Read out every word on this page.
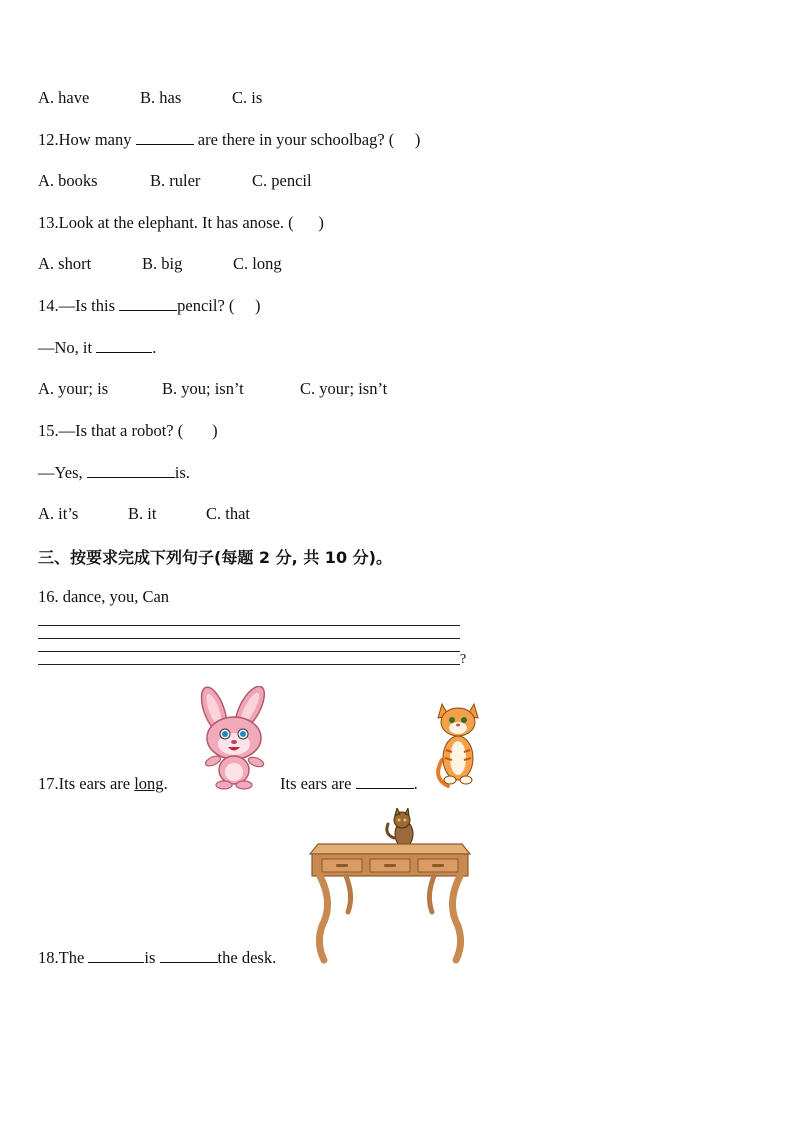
A. have

	B. has

	C. is

12.How many	are there in your schoolbag? (     )

A. books

	B. ruler

	C. pencil

13.Look at the elephant. It has anose. (      )

A. short

	B. big

	C. long

14.—Is this	pencil? (     )
—No, it	.

A. your; is

	B. you; isn’t

	C. your; isn’t

15.—Is that a robot? (       )
—Yes,	is.

A. it’s

	B. it

	C. that

三、按要求完成下列句子(每题 2 分, 共 10 分)。
16. dance, you, Can
?
17.Its ears are long.	Its ears are	.
18.The	is	the desk.
